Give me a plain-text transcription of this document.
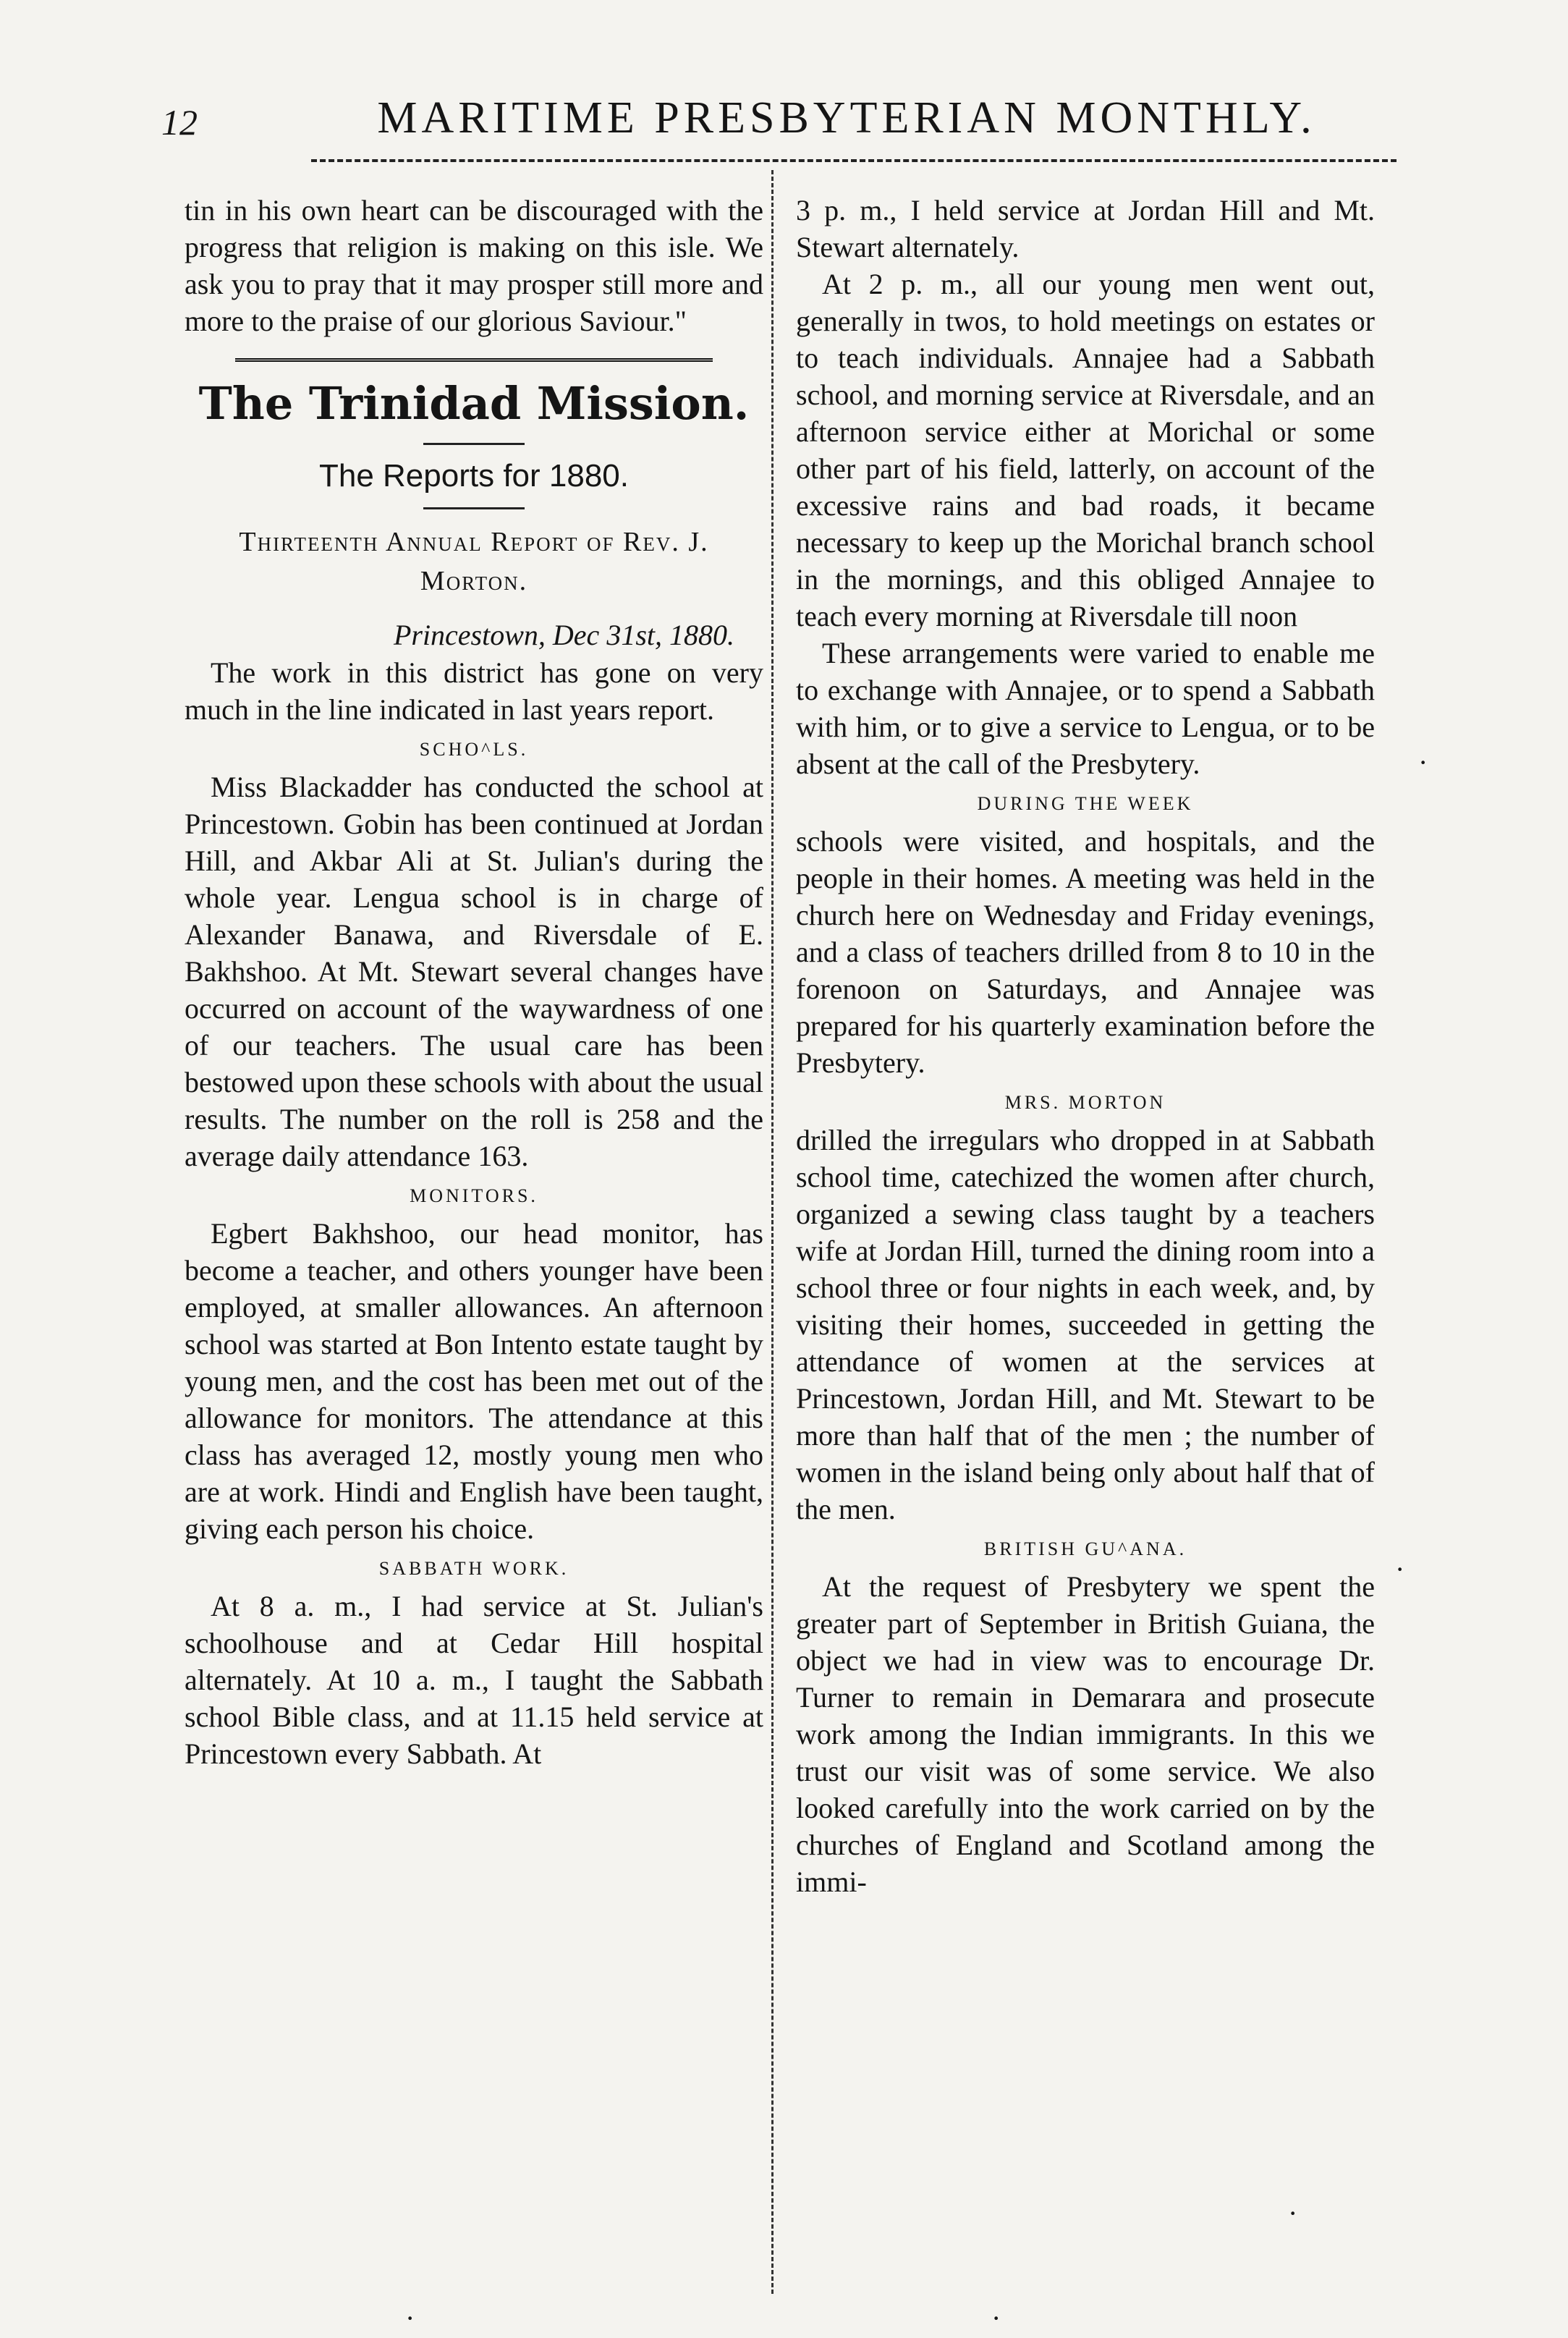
12	MARITIME PRESBYTERIAN MONTHLY.

tin in his own heart can be discouraged with the progress that religion is making on this isle. We ask you to pray that it may prosper still more and more to the praise of our glorious Saviour."

The Trinidad Mission.
The Reports for 1880.
Thirteenth Annual Report of Rev. J. Morton.
Princestown, Dec 31st, 1880.

The work in this district has gone on very much in the line indicated in last years report.

SCHO^LS.

Miss Blackadder has conducted the school at Princestown. Gobin has been continued at Jordan Hill, and Akbar Ali at St. Julian's during the whole year. Lengua school is in charge of Alexander Banawa, and Riversdale of E. Bakhshoo. At Mt. Stewart several changes have occurred on account of the waywardness of one of our teachers. The usual care has been bestowed upon these schools with about the usual results. The number on the roll is 258 and the average daily attendance 163.

MONITORS.

Egbert Bakhshoo, our head monitor, has become a teacher, and others younger have been employed, at smaller allowances. An afternoon school was started at Bon Intento estate taught by young men, and the cost has been met out of the allowance for monitors. The attendance at this class has averaged 12, mostly young men who are at work. Hindi and English have been taught, giving each person his choice.

SABBATH WORK.

At 8 a. m., I had service at St. Julian's schoolhouse and at Cedar Hill hospital alternately. At 10 a. m., I taught the Sabbath school Bible class, and at 11.15 held service at Princestown every Sabbath. At

3 p. m., I held service at Jordan Hill and Mt. Stewart alternately.

At 2 p. m., all our young men went out, generally in twos, to hold meetings on estates or to teach individuals. Annajee had a Sabbath school, and morning service at Riversdale, and an afternoon service either at Morichal or some other part of his field, latterly, on account of the excessive rains and bad roads, it became necessary to keep up the Morichal branch school in the mornings, and this obliged Annajee to teach every morning at Riversdale till noon

These arrangements were varied to enable me to exchange with Annajee, or to spend a Sabbath with him, or to give a service to Lengua, or to be absent at the call of the Presbytery.

DURING THE WEEK

schools were visited, and hospitals, and the people in their homes. A meeting was held in the church here on Wednesday and Friday evenings, and a class of teachers drilled from 8 to 10 in the forenoon on Saturdays, and Annajee was prepared for his quarterly examination before the Presbytery.

MRS. MORTON

drilled the irregulars who dropped in at Sabbath school time, catechized the women after church, organized a sewing class taught by a teachers wife at Jordan Hill, turned the dining room into a school three or four nights in each week, and, by visiting their homes, succeeded in getting the attendance of women at the services at Princestown, Jordan Hill, and Mt. Stewart to be more than half that of the men ; the number of women in the island being only about half that of the men.

BRITISH GU^ANA.

At the request of Presbytery we spent the greater part of September in British Guiana, the object we had in view was to encourage Dr. Turner to remain in Demarara and prosecute work among the Indian immigrants. In this we trust our visit was of some service. We also looked carefully into the work carried on by the churches of England and Scotland among the immi-

·
·
·
·	·
